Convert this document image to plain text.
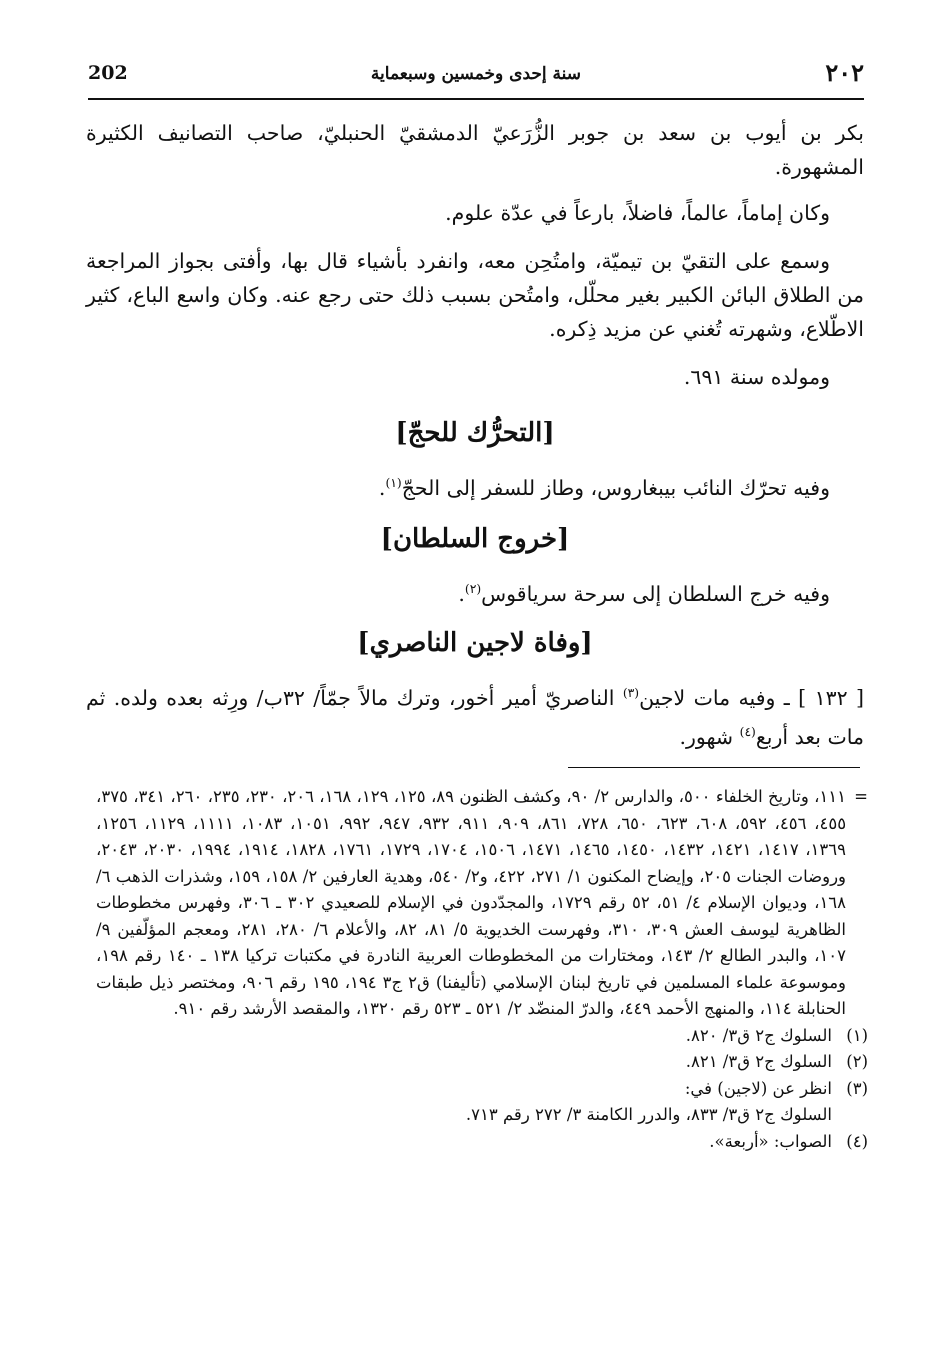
202	سنة إحدى وخمسين وسبعماية	٢٠٢
بكر بن أيوب بن سعد بن جوبر الزُّرَعيّ الدمشقيّ الحنبليّ، صاحب التصانيف الكثيرة المشهورة.
وكان إماماً، عالماً، فاضلاً، بارعاً في عدّة علوم.
وسمع على التقيّ بن تيميّة، وامتُحِن معه، وانفرد بأشياء قال بها، وأفتى بجواز المراجعة من الطلاق البائن الكبير بغير محلّل، وامتُحن بسبب ذلك حتى رجع عنه. وكان واسع الباع، كثير الاطّلاع، وشهرته تُغني عن مزيد ذِكره.
ومولده سنة ٦٩١.
[التحرُّك للحجّ]
وفيه تحرّك النائب بيبغاروس، وطاز للسفر إلى الحجّ$^{(١)}$.
[خروج السلطان]
وفيه خرج السلطان إلى سرحة سرياقوس$^{(٢)}$.
[وفاة لاجين الناصري]
[ ١٣٢ ] ـ وفيه مات لاجين$^{(٣)}$ الناصريّ أمير أخور، وترك مالاً جمّاً/ ٣٢ب/ ورِثه بعده ولده. ثم مات بعد أربع$^{(٤)}$ شهور.
=
١١١، وتاريخ الخلفاء ٥٠٠، والدارس ٢/ ٩٠، وكشف الظنون ٨٩، ١٢٥، ١٢٩، ١٦٨، ٢٠٦، ٢٣٠، ٢٣٥، ٢٦٠، ٣٤١، ٣٧٥، ٤٥٥، ٤٥٦، ٥٩٢، ٦٠٨، ٦٢٣، ٦٥٠، ٧٢٨، ٨٦١، ٩٠٩، ٩١١، ٩٣٢، ٩٤٧، ٩٩٢، ١٠٥١، ١٠٨٣، ١١١١، ١١٢٩، ١٢٥٦، ١٣٦٩، ١٤١٧، ١٤٢١، ١٤٣٢، ١٤٥٠، ١٤٦٥، ١٤٧١، ١٥٠٦، ١٧٠٤، ١٧٢٩، ١٧٦١، ١٨٢٨، ١٩١٤، ١٩٩٤، ٢٠٣٠، ٢٠٤٣، وروضات الجنات ٢٠٥، وإيضاح المكنون ١/ ٢٧١، ٤٢٢، و٢/ ٥٤٠، وهدية العارفين ٢/ ١٥٨، ١٥٩، وشذرات الذهب ٦/ ١٦٨، وديوان الإسلام ٤/ ٥١، ٥٢ رقم ١٧٢٩، والمجدّدون في الإسلام للصعيدي ٣٠٢ ـ ٣٠٦، وفهرس مخطوطات الظاهرية ليوسف العش ٣٠٩، ٣١٠، وفهرست الخديوية ٥/ ٨١، ٨٢، والأعلام ٦/ ٢٨٠، ٢٨١، ومعجم المؤلّفين ٩/ ١٠٧، والبدر الطالع ٢/ ١٤٣، ومختارات من المخطوطات العربية النادرة في مكتبات تركيا ١٣٨ ـ ١٤٠ رقم ١٩٨، وموسوعة علماء المسلمين في تاريخ لبنان الإسلامي (تأليفنا) ق٢ ج٣ ١٩٤، ١٩٥ رقم ٩٠٦، ومختصر ذيل طبقات الحنابلة ١١٤، والمنهج الأحمد ٤٤٩، والدرّ المنضّد ٢/ ٥٢١ ـ ٥٢٣ رقم ١٣٢٠، والمقصد الأرشد رقم ٩١٠.
(١)
السلوك ج٢ ق٣/ ٨٢٠.
(٢)
السلوك ج٢ ق٣/ ٨٢١.
(٣)
انظر عن (لاجين) في:
السلوك ج٢ ق٣/ ٨٣٣، والدرر الكامنة ٣/ ٢٧٢ رقم ٧١٣.
(٤)
الصواب: «أربعة».
